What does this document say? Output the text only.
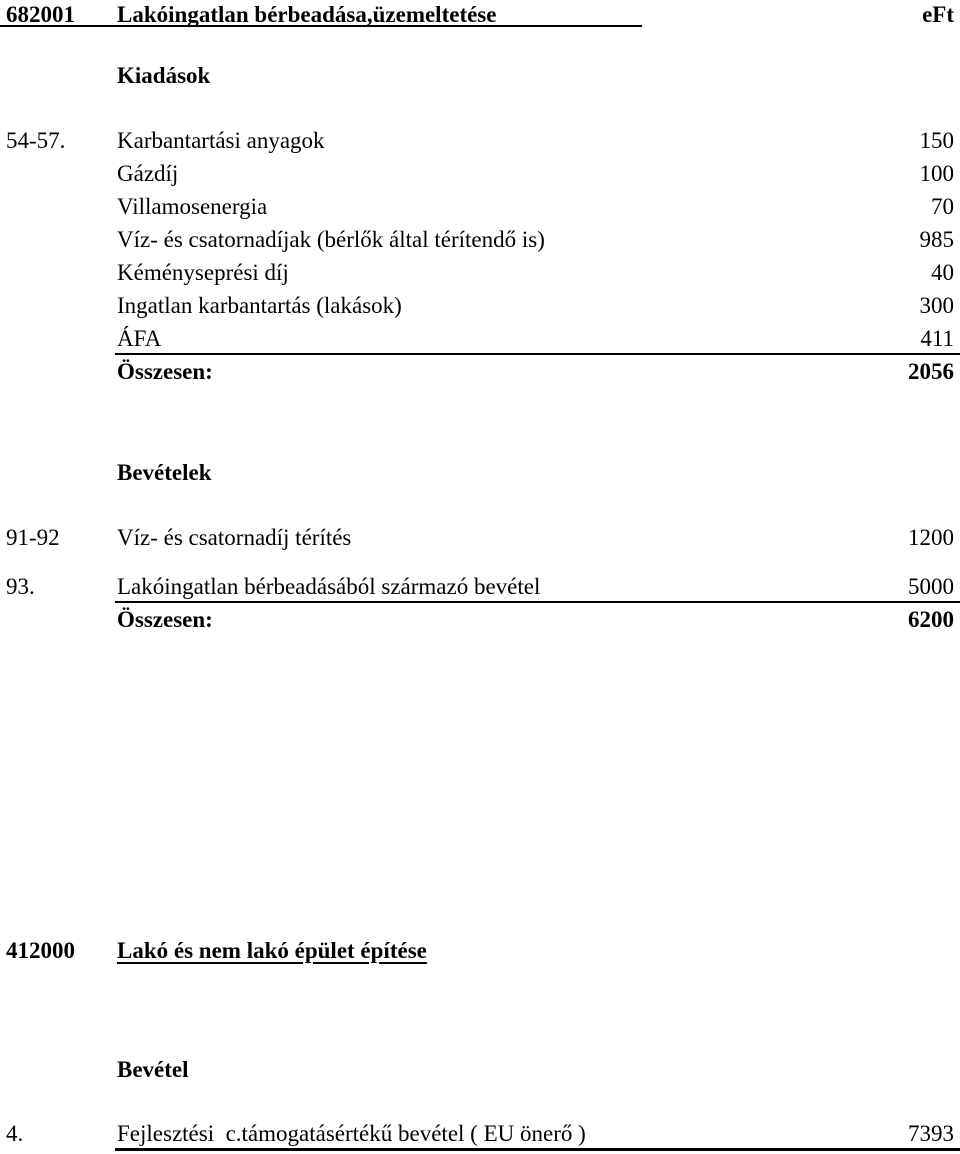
682001 Lakóingatlan bérbeadása,üzemeltetése	eFt
Kiadások
54-57. Karbantartási anyagok	150
Gázdíj	100
Villamosenergia	70
Víz- és csatornadíjak (bérlők által térítendő is)	985
Kéményseprési díj	40
Ingatlan karbantartás (lakások)	300
ÁFA	411
Összesen:	2056
Bevételek
91-92 Víz- és csatornadíj térítés	1200
93.	Lakóingatlan bérbeadásából származó bevétel	5000
Összesen:	6200
412000 Lakó és nem lakó épület építése
Bevétel
4.	Fejlesztési  c.támogatásértékű bevétel ( EU önerő )	7393
